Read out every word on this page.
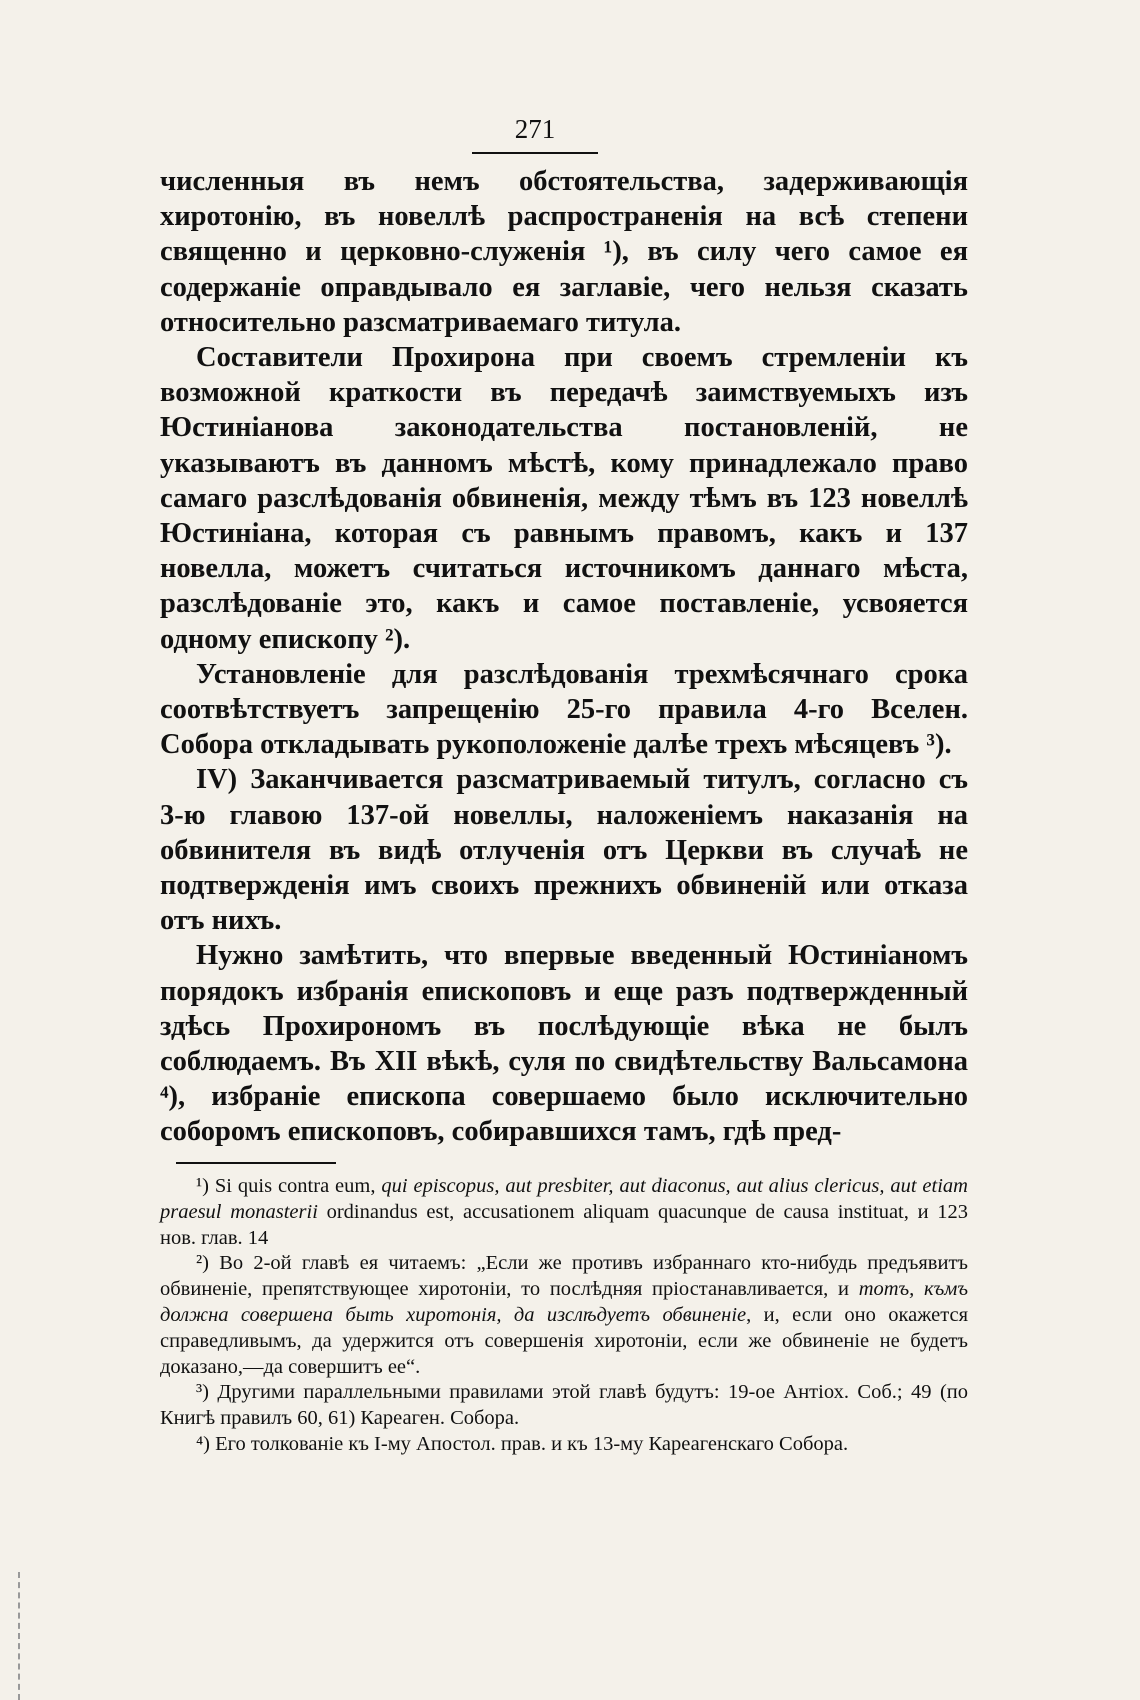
271

численныя въ немъ обстоятельства, задерживающія хиротонію, въ новеллѣ распространенія на всѣ степени священно и церковно-служенія ¹), въ силу чего самое ея содержаніе оправдывало ея заглавіе, чего нельзя сказать относительно разсматриваемаго титула.

Составители Прохирона при своемъ стремленіи къ возможной краткости въ передачѣ заимствуемыхъ изъ Юстиніанова законодательства постановленій, не указываютъ въ данномъ мѣстѣ, кому принадлежало право самаго разслѣдованія обвиненія, между тѣмъ въ 123 новеллѣ Юстиніана, которая съ равнымъ правомъ, какъ и 137 новелла, можетъ считаться источникомъ даннаго мѣста, разслѣдованіе это, какъ и самое поставленіе, усвояется одному епископу ²).

Установленіе для разслѣдованія трехмѣсячнаго срока соотвѣтствуетъ запрещенію 25-го правила 4-го Вселен. Собора откладывать рукоположеніе далѣе трехъ мѣсяцевъ ³).

IV) Заканчивается разсматриваемый титулъ, согласно съ 3-ю главою 137-ой новеллы, наложеніемъ наказанія на обвинителя въ видѣ отлученія отъ Церкви въ случаѣ не подтвержденія имъ своихъ прежнихъ обвиненій или отказа отъ нихъ.

Нужно замѣтить, что впервые введенный Юстиніаномъ порядокъ избранія епископовъ и еще разъ подтвержденный здѣсь Прохирономъ въ послѣдующіе вѣка не былъ соблюдаемъ. Въ XII вѣкѣ, суля по свидѣтельству Вальсамона ⁴), избраніе епископа совершаемо было исключительно соборомъ епископовъ, собиравшихся тамъ, гдѣ пред-

¹) Si quis contra eum, qui episcopus, aut presbiter, aut diaconus, aut alius clericus, aut etiam praesul monasterii ordinandus est, accusationem aliquam quacunque de causa instituat, и 123 нов. глав. 14

²) Во 2-ой главѣ ея читаемъ: „Если же противъ избраннаго кто-нибудь предъявитъ обвиненіе, препятствующее хиротоніи, то послѣдняя пріостанавливается, и тотъ, къмъ должна совершена быть хиротонія, да изслѣдуетъ обвиненіе, и, если оно окажется справедливымъ, да удержится отъ совершенія хиротоніи, если же обвиненіе не будетъ доказано,—да совершитъ ее“.

³) Другими параллельными правилами этой главѣ будутъ: 19-ое Антіох. Соб.; 49 (по Книгѣ правилъ 60, 61) Кареаген. Собора.

⁴) Его толкованіе къ I-му Апостол. прав. и къ 13-му Кареагенскаго Собора.
